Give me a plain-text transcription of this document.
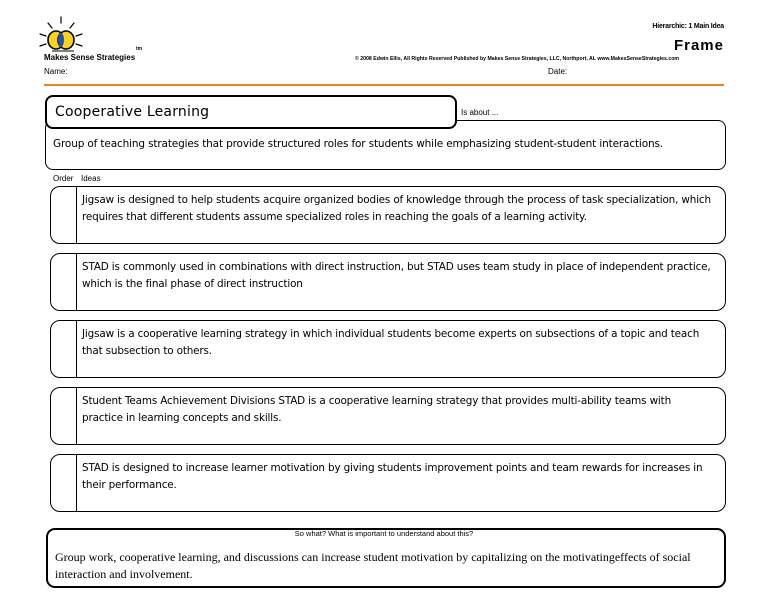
Makes Sense Strategies
tm
Hierarchic: 1 Main Idea
Frame
© 2008 Edwin Ellis, All Rights Reserved Published by Makes Sense Strategies, LLC, Northport, AL www.MakesSenseStrategies.com
Name:	Date:
Group of teaching strategies that provide structured roles for students while emphasizing student-student interactions.
Cooperative Learning	Is about ...
Order Ideas
Jigsaw is designed to help students acquire organized bodies of knowledge through the process of task specialization, which requires that different students assume specialized roles in reaching the goals of a learning activity.
STAD is commonly used in combinations with direct instruction, but STAD uses team study in place of independent practice, which is the final phase of direct instruction
Jigsaw is a cooperative learning strategy in which individual students become experts on subsections of a topic and teach that subsection to others.
Student Teams Achievement Divisions STAD is a cooperative learning strategy that provides multi-ability teams with practice in learning concepts and skills.
STAD is designed to increase learner motivation by giving students improvement points and team rewards for increases in their performance.
Group work, cooperative learning, and discussions can increase student motivation by capitalizing on the motivatingeffects of social interaction and involvement.
So what? What is important to understand about this?
